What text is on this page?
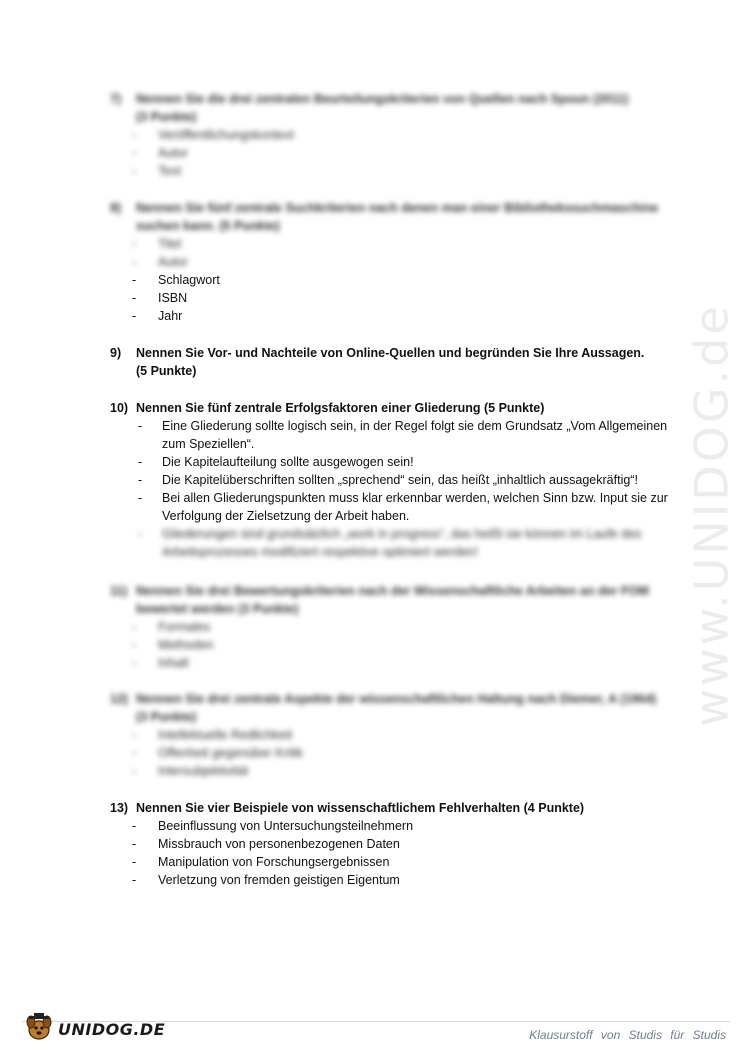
7) Nennen Sie die drei zentralen Beurteilungskriterien von Quellen nach Spoun (2011)
(3 Punkte)
- Veröffentlichungskontext
- Autor
- Text
8) Nennen Sie fünf zentrale Suchkriterien nach denen man einer Bibliothekssuchmaschine
suchen kann. (5 Punkte)
- Titel
- Autor
- Schlagwort
- ISBN
- Jahr
9) Nennen Sie Vor- und Nachteile von Online-Quellen und begründen Sie Ihre Aussagen.
(5 Punkte)
10) Nennen Sie fünf zentrale Erfolgsfaktoren einer Gliederung (5 Punkte)
- Eine Gliederung sollte logisch sein, in der Regel folgt sie dem Grundsatz „Vom Allgemeinen zum Speziellen“.
- Die Kapitelaufteilung sollte ausgewogen sein!
- Die Kapitelüberschriften sollten „sprechend“ sein, das heißt „inhaltlich aussagekräftig“!
- Bei allen Gliederungspunkten muss klar erkennbar werden, welchen Sinn bzw. Input sie zur Verfolgung der Zielsetzung der Arbeit haben.
- Gliederungen sind grundsätzlich „work in progress“, das heißt sie können im Laufe des Arbeitsprozesses modifiziert respektive optimiert werden!
11) Nennen Sie drei Bewertungskriterien nach der Wissenschaftliche Arbeiten an der FOM
bewertet werden (3 Punkte)
- Formales
- Methoden
- Inhalt
12) Nennen Sie drei zentrale Aspekte der wissenschaftlichen Haltung nach Diemer, A (1964)
(3 Punkte)
- Intellektuelle Redlichkeit
- Offenheit gegenüber Kritik
- Intersubjektivität
13) Nennen Sie vier Beispiele von wissenschaftlichem Fehlverhalten (4 Punkte)
- Beeinflussung von Untersuchungsteilnehmern
- Missbrauch von personenbezogenen Daten
- Manipulation von Forschungsergebnissen
- Verletzung von fremden geistigen Eigentum
www.UNIDOG.de
UNIDOG.DE	Klausurstoff von Studis für Studis
